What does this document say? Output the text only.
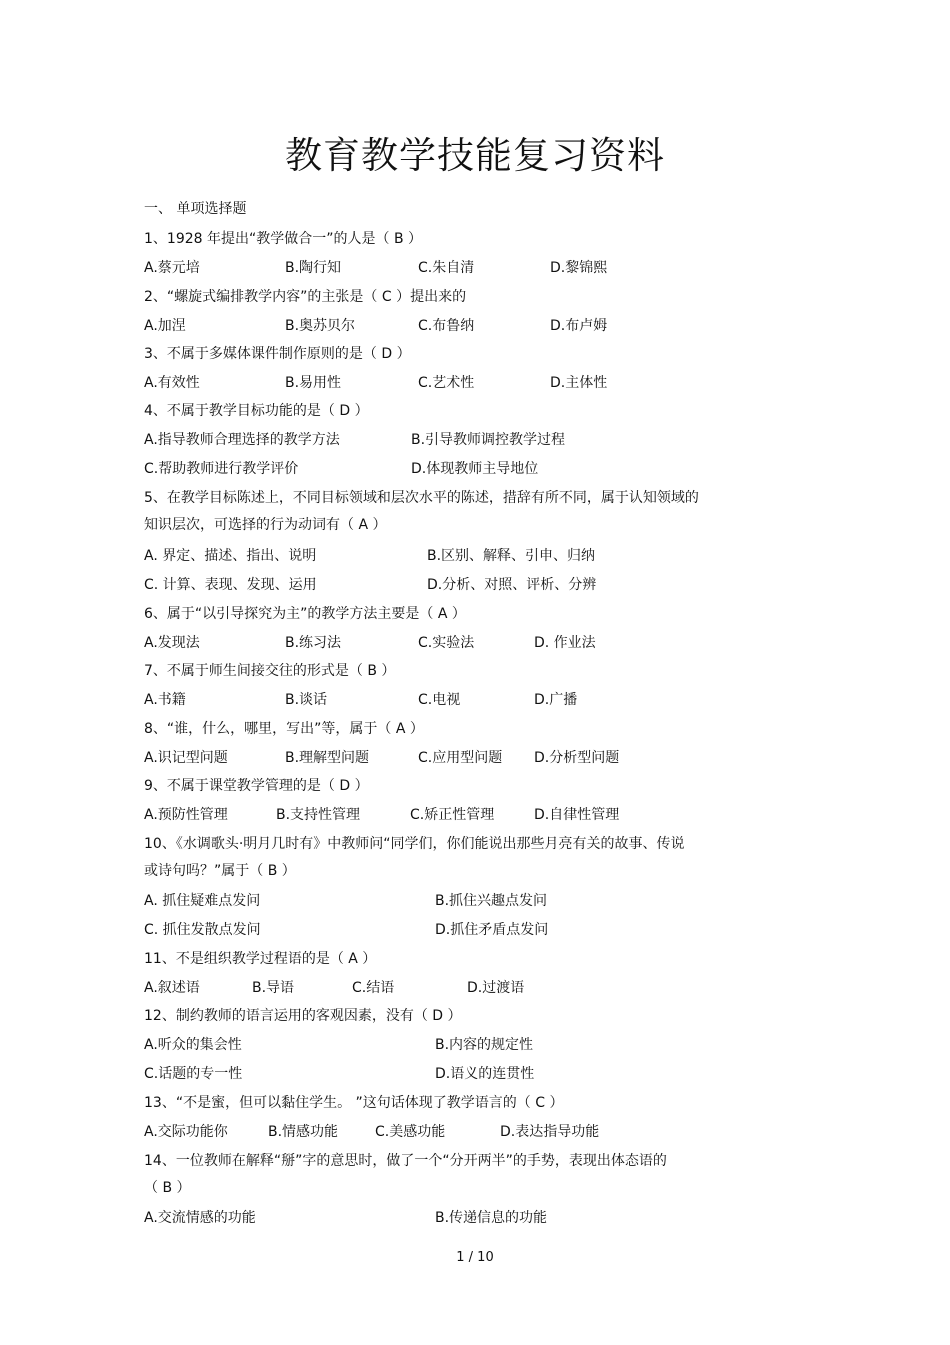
教育教学技能复习资料
一、 单项选择题
1、1928 年提出“教学做合一”的人是（ B ）
A.蔡元培	B.陶行知	C.朱自清	D.黎锦熙
2、“螺旋式编排教学内容”的主张是（ C ）提出来的
A.加涅	B.奥苏贝尔	C.布鲁纳	D.布卢姆
3、不属于多媒体课件制作原则的是（ D ）
A.有效性	B.易用性	C.艺术性	D.主体性
4、不属于教学目标功能的是（ D ）
A.指导教师合理选择的教学方法	B.引导教师调控教学过程
C.帮助教师进行教学评价	D.体现教师主导地位
5、在教学目标陈述上，不同目标领域和层次水平的陈述，措辞有所不同，属于认知领域的
知识层次，可选择的行为动词有（ A ）
A. 界定、描述、指出、说明	B.区别、解释、引申、归纳
C. 计算、表现、发现、运用	D.分析、对照、评析、分辨
6、属于“以引导探究为主”的教学方法主要是（ A ）
A.发现法	B.练习法	C.实验法	D. 作业法
7、不属于师生间接交往的形式是（ B ）
A.书籍	B.谈话	C.电视	D.广播
8、“谁，什么，哪里，写出”等，属于（ A ）
A.识记型问题	B.理解型问题	C.应用型问题 D.分析型问题
9、不属于课堂教学管理的是（ D ）
A.预防性管理	B.支持性管理	C.矫正性管理	D.自律性管理
10、《水调歌头·明月几时有》中教师问“同学们，你们能说出那些月亮有关的故事、传说
或诗句吗？”属于（ B ）
A. 抓住疑难点发问	B.抓住兴趣点发问
C. 抓住发散点发问	D.抓住矛盾点发问
11、不是组织教学过程语的是（ A ）
A.叙述语	B.导语	C.结语	D.过渡语
12、制约教师的语言运用的客观因素，没有（ D ）
A.听众的集会性	B.内容的规定性
C.话题的专一性	D.语义的连贯性
13、“不是蜜，但可以黏住学生。 ”这句话体现了教学语言的（ C ）
A.交际功能你	B.情感功能	C.美感功能	D.表达指导功能
14、一位教师在解释“掰”字的意思时，做了一个“分开两半”的手势，表现出体态语的
（ B ）
A.交流情感的功能	B.传递信息的功能
1 / 10
